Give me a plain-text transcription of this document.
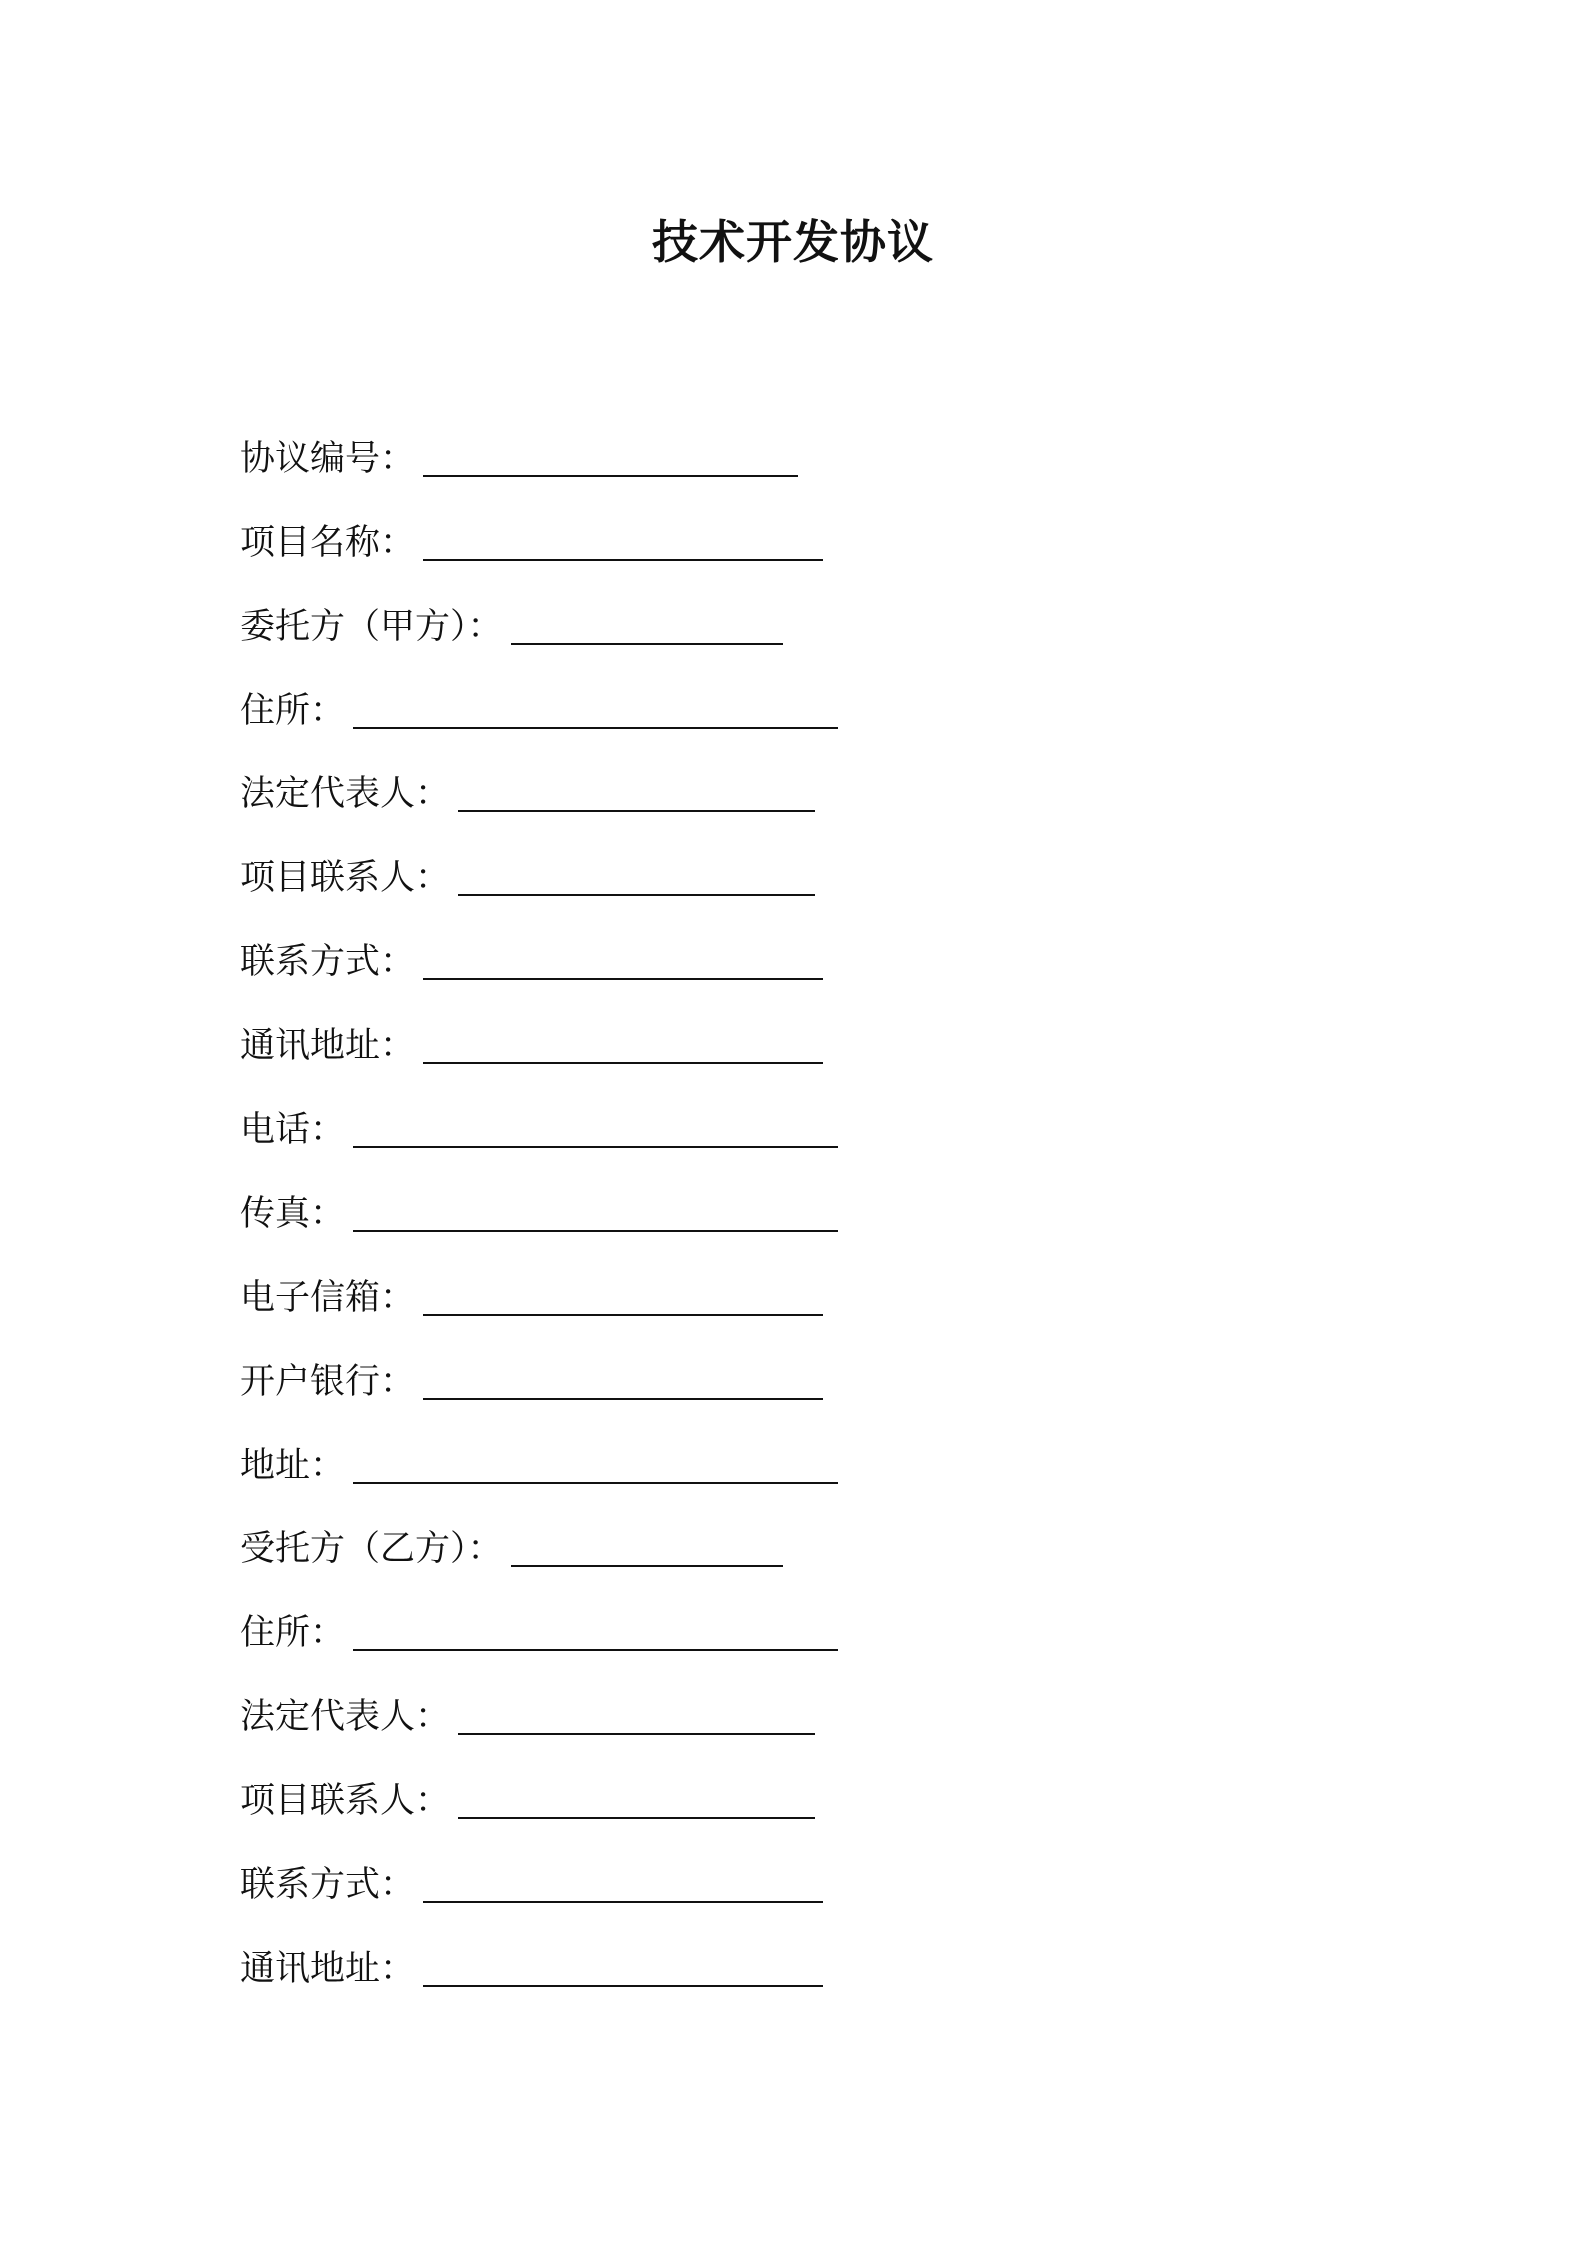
技术开发协议
协议编号：
项目名称：
委托方（甲方）：
住所：
法定代表人：
项目联系人：
联系方式：
通讯地址：
电话：
传真：
电子信箱：
开户银行：
地址：
受托方（乙方）：
住所：
法定代表人：
项目联系人：
联系方式：
通讯地址：
